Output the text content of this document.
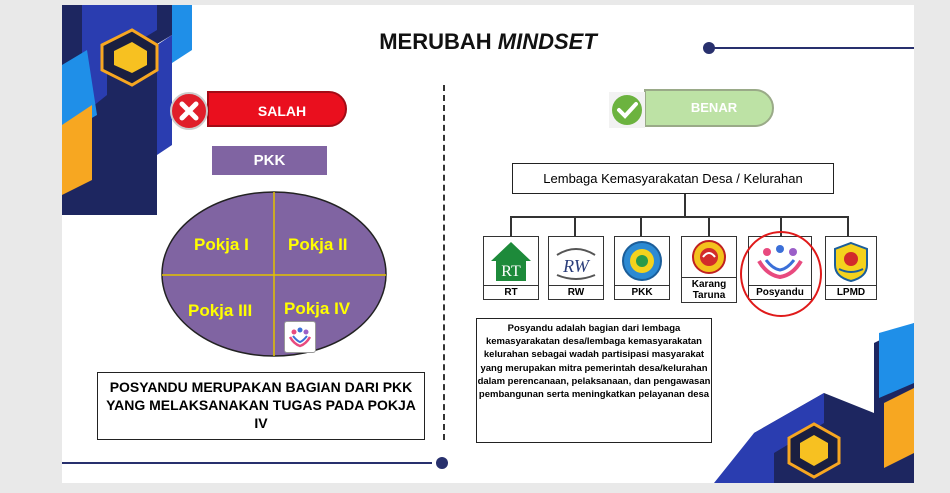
MERUBAH MINDSET
SALAH
PKK
Pokja I Pokja II
Pokja III Pokja IV
POSYANDU MERUPAKAN BAGIAN DARI PKK YANG MELAKSANAKAN TUGAS PADA POKJA IV
BENAR
Lembaga Kemasyarakatan Desa / Kelurahan
RT
RT
RW
RW	PKK
Karang Taruna	Posyandu	LPMD
Posyandu adalah bagian dari lembaga kemasyarakatan desa/lembaga kemasyarakatan kelurahan sebagai wadah partisipasi masyarakat yang merupakan mitra pemerintah desa/kelurahan dalam perencanaan, pelaksanaan, dan pengawasan pembangunan serta meningkatkan pelayanan desa
